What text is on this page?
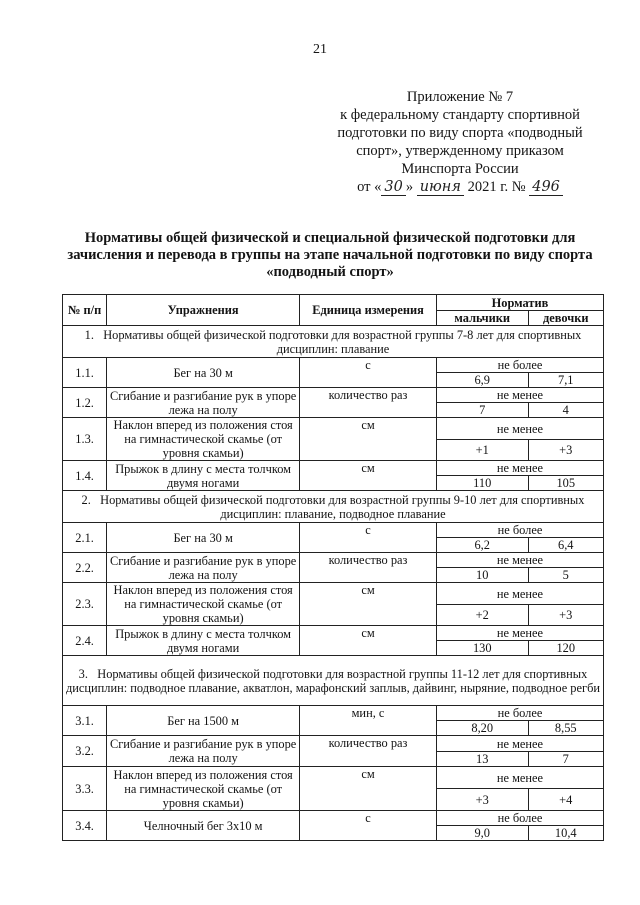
21
Приложение № 7
к федеральному стандарту спортивной
подготовки по виду спорта «подводный
спорт», утвержденному приказом
Минспорта России
от « 30 » июня 2021 г. № 496
Нормативы общей физической и специальной физической подготовки для зачисления и перевода в группы на этапе начальной подготовки по виду спорта «подводный спорт»
№ п/п	Упражнения	Единица измерения	Норматив	
			мальчики	девочки
1. Нормативы общей физической подготовки для возрастной группы 7-8 лет для спортивных дисциплин: плавание				
1.1.	Бег на 30 м	с	не более	
			6,9	7,1
1.2.	Сгибание и разгибание рук в упоре лежа на полу	количество раз	не менее	
			7	4
1.3.	Наклон вперед из положения стоя на гимнастической скамье (от уровня скамьи)	см	не менее	
			+1	+3
1.4.	Прыжок в длину с места толчком двумя ногами	см	не менее	
			110	105
2. Нормативы общей физической подготовки для возрастной группы 9-10 лет для спортивных дисциплин: плавание, подводное плавание				
2.1.	Бег на 30 м	с	не более	
			6,2	6,4
2.2.	Сгибание и разгибание рук в упоре лежа на полу	количество раз	не менее	
			10	5
2.3.	Наклон вперед из положения стоя на гимнастической скамье (от уровня скамьи)	см	не менее	
			+2	+3
2.4.	Прыжок в длину с места толчком двумя ногами	см	не менее	
			130	120
3. Нормативы общей физической подготовки для возрастной группы 11-12 лет для спортивных дисциплин: подводное плавание, акватлон, марафонский заплыв, дайвинг, ныряние, подводное регби				
3.1.	Бег на 1500 м	мин, с	не более	
			8,20	8,55
3.2.	Сгибание и разгибание рук в упоре лежа на полу	количество раз	не менее	
			13	7
3.3.	Наклон вперед из положения стоя на гимнастической скамье (от уровня скамьи)	см	не менее	
			+3	+4
3.4.	Челночный бег 3х10 м	с	не более	
			9,0	10,4
